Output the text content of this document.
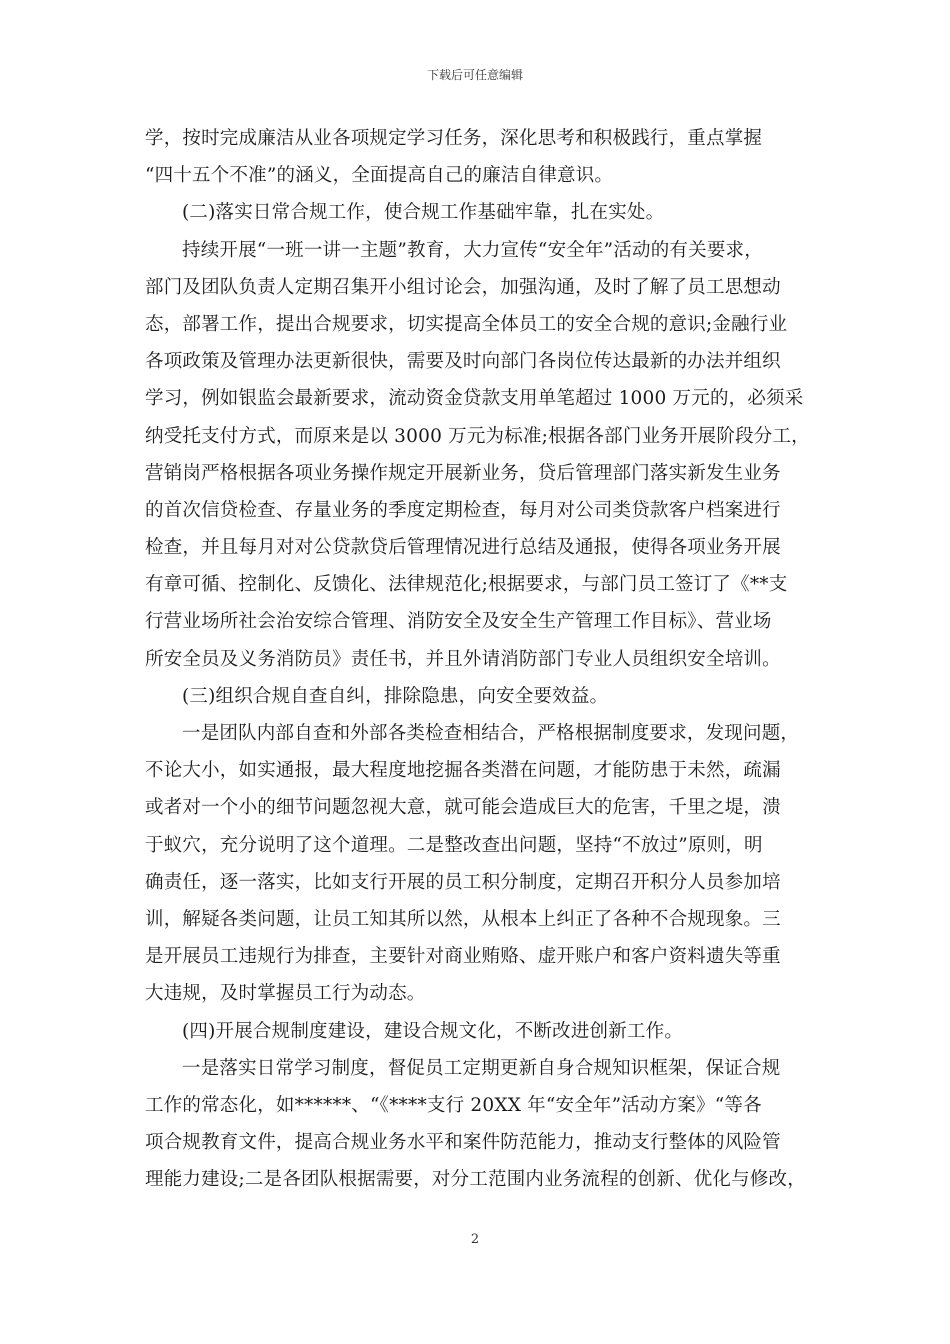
下载后可任意编辑
学，按时完成廉洁从业各项规定学习任务，深化思考和积极践行，重点掌握
“四十五个不准”的涵义，全面提高自己的廉洁自律意识。
(二)落实日常合规工作，使合规工作基础牢靠，扎在实处。
持续开展“一班一讲一主题”教育，大力宣传“安全年”活动的有关要求，
部门及团队负责人定期召集开小组讨论会，加强沟通，及时了解了员工思想动
态，部署工作，提出合规要求，切实提高全体员工的安全合规的意识;金融行业
各项政策及管理办法更新很快，需要及时向部门各岗位传达最新的办法并组织
学习，例如银监会最新要求，流动资金贷款支用单笔超过 1000 万元的，必须采
纳受托支付方式，而原来是以 3000 万元为标准;根据各部门业务开展阶段分工，
营销岗严格根据各项业务操作规定开展新业务，贷后管理部门落实新发生业务
的首次信贷检查、存量业务的季度定期检查，每月对公司类贷款客户档案进行
检查，并且每月对对公贷款贷后管理情况进行总结及通报，使得各项业务开展
有章可循、控制化、反馈化、法律规范化;根据要求，与部门员工签订了《**支
行营业场所社会治安综合管理、消防安全及安全生产管理工作目标》、营业场
所安全员及义务消防员》责任书，并且外请消防部门专业人员组织安全培训。
(三)组织合规自查自纠，排除隐患，向安全要效益。
一是团队内部自查和外部各类检查相结合，严格根据制度要求，发现问题，
不论大小，如实通报，最大程度地挖掘各类潜在问题，才能防患于未然，疏漏
或者对一个小的细节问题忽视大意，就可能会造成巨大的危害，千里之堤，溃
于蚁穴，充分说明了这个道理。二是整改查出问题，坚持“不放过”原则，明
确责任，逐一落实，比如支行开展的员工积分制度，定期召开积分人员参加培
训，解疑各类问题，让员工知其所以然，从根本上纠正了各种不合规现象。三
是开展员工违规行为排查，主要针对商业贿赂、虚开账户和客户资料遗失等重
大违规，及时掌握员工行为动态。
(四)开展合规制度建设，建设合规文化，不断改进创新工作。
一是落实日常学习制度，督促员工定期更新自身合规知识框架，保证合规
工作的常态化，如******、“《****支行 20XX 年“安全年”活动方案》“等各
项合规教育文件，提高合规业务水平和案件防范能力，推动支行整体的风险管
理能力建设;二是各团队根据需要，对分工范围内业务流程的创新、优化与修改，
2
